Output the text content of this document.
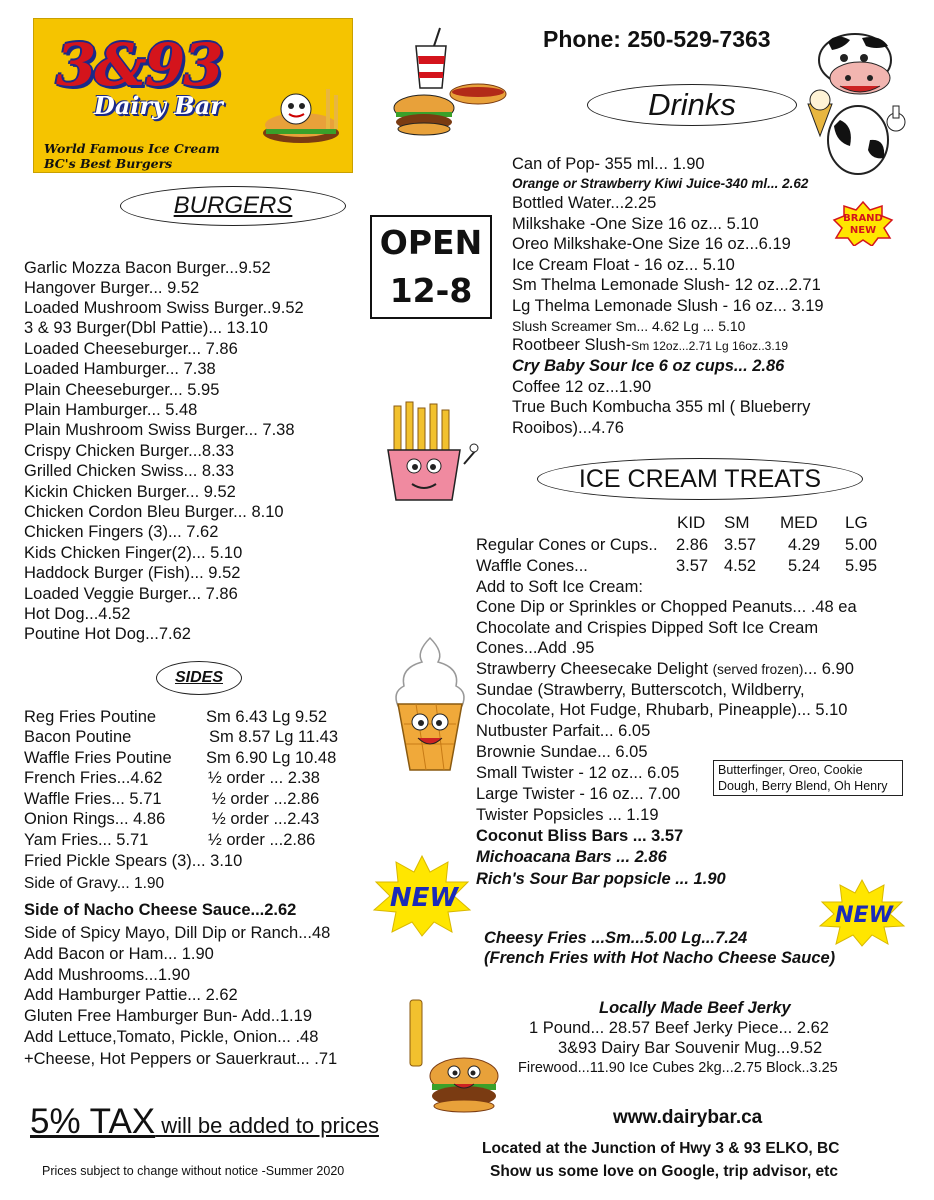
3&93
Dairy Bar
World Famous Ice Cream
BC's Best Burgers
Phone: 250-529-7363
Drinks
BURGERS
OPEN
12-8
Garlic Mozza Bacon Burger...9.52
Hangover Burger... 9.52
Loaded Mushroom Swiss Burger..9.52
3 & 93 Burger(Dbl Pattie)... 13.10
Loaded Cheeseburger... 7.86
Loaded Hamburger... 7.38
Plain Cheeseburger... 5.95
Plain Hamburger... 5.48
Plain Mushroom Swiss Burger... 7.38
Crispy Chicken Burger...8.33
Grilled Chicken Swiss... 8.33
Kickin Chicken Burger... 9.52
Chicken Cordon Bleu Burger... 8.10
Chicken Fingers (3)... 7.62
Kids Chicken Finger(2)... 5.10
Haddock Burger (Fish)... 9.52
Loaded Veggie Burger... 7.86
Hot Dog...4.52
Poutine Hot Dog...7.62
Can of Pop- 355 ml... 1.90
Orange or Strawberry Kiwi Juice-340 ml... 2.62
Bottled Water...2.25
Milkshake -One Size 16 oz... 5.10
Oreo Milkshake-One Size 16 oz...6.19
Ice Cream Float - 16 oz... 5.10
Sm Thelma Lemonade Slush- 12 oz...2.71
Lg Thelma Lemonade Slush - 16 oz... 3.19
Slush Screamer Sm... 4.62 Lg ... 5.10
Rootbeer Slush-Sm 12oz...2.71 Lg 16oz..3.19
Cry Baby Sour Ice 6 oz cups... 2.86
Coffee 12 oz...1.90
True Buch Kombucha 355 ml ( Blueberry
Rooibos)...4.76
BRAND
NEW
ICE CREAM TREATS
KID SM MED LG
Regular Cones or Cups.. 2.86 3.57 4.29 5.00
Waffle Cones...	3.57 4.52 5.24 5.95
Add to Soft Ice Cream:
Cone Dip or Sprinkles or Chopped Peanuts... .48 ea
Chocolate and Crispies Dipped Soft Ice Cream
Cones...Add .95
Strawberry Cheesecake Delight (served frozen)... 6.90
Sundae (Strawberry, Butterscotch, Wildberry,
Chocolate, Hot Fudge, Rhubarb, Pineapple)... 5.10
Nutbuster Parfait... 6.05
Brownie Sundae... 6.05
Small Twister - 12 oz... 6.05
Large Twister - 16 oz... 7.00
Twister Popsicles ... 1.19
Coconut Bliss Bars ... 3.57
Michoacana Bars ... 2.86
Rich's Sour Bar popsicle ... 1.90
Butterfinger, Oreo, Cookie Dough, Berry Blend, Oh Henry
SIDES
Reg Fries Poutine	Sm 6.43 Lg 9.52
Bacon Poutine	Sm 8.57 Lg 11.43
Waffle Fries Poutine Sm 6.90 Lg 10.48
French Fries...4.62	½ order ... 2.38
Waffle Fries... 5.71	½ order ...2.86
Onion Rings... 4.86	½ order ...2.43
Yam Fries... 5.71	½ order ...2.86
Fried Pickle Spears (3)... 3.10
Side of Gravy... 1.90
Side of Nacho Cheese Sauce...2.62
Side of Spicy Mayo, Dill Dip or Ranch...48
Add Bacon or Ham... 1.90
Add Mushrooms...1.90
Add Hamburger Pattie... 2.62
Gluten Free Hamburger Bun- Add..1.19
Add Lettuce,Tomato, Pickle, Onion... .48
+Cheese, Hot Peppers or Sauerkraut... .71
NEW
NEW
Cheesy Fries ...Sm...5.00 Lg...7.24
(French Fries with Hot Nacho Cheese Sauce)
Locally Made Beef Jerky
1 Pound... 28.57 Beef Jerky Piece... 2.62
3&93 Dairy Bar Souvenir Mug...9.52
Firewood...11.90 Ice Cubes 2kg...2.75 Block..3.25
5% TAX will be added to prices
Prices subject to change without notice -Summer 2020
www.dairybar.ca
Located at the Junction of Hwy 3 & 93 ELKO, BC
Show us some love on Google, trip advisor, etc
